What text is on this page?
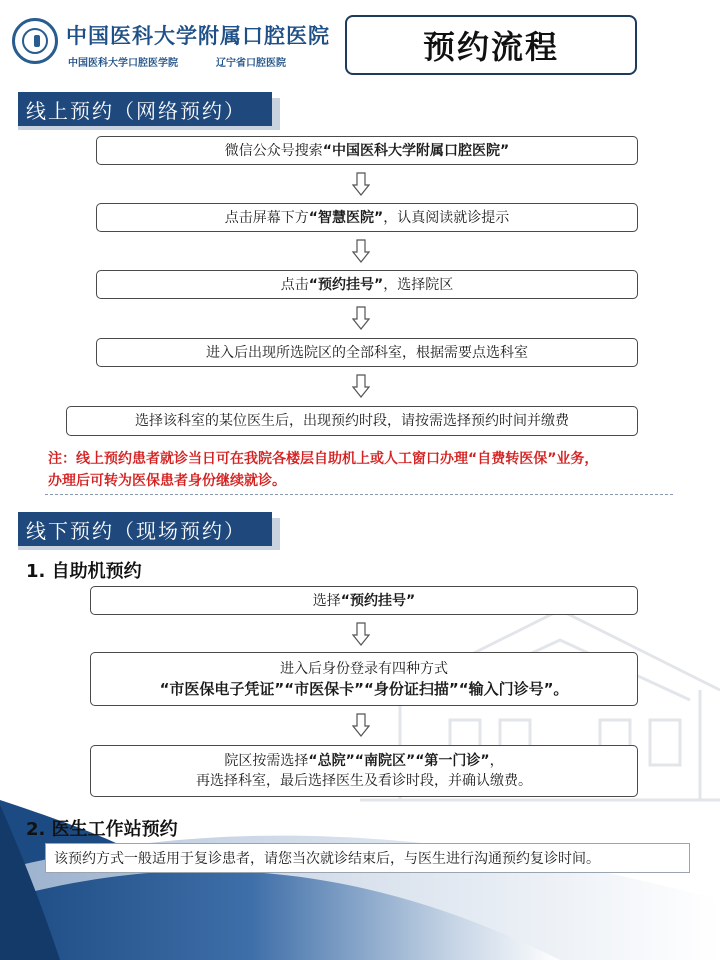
中国医科大学附属口腔医院
中国医科大学口腔医学院	辽宁省口腔医院	预约流程
线上预约（网络预约）
微信公众号搜索 “中国医科大学附属口腔医院”
点击屏幕下方 “智慧医院” ，认真阅读就诊提示
点击 “预约挂号” ，选择院区
进入后出现所选院区的全部科室，根据需要点选科室
选择该科室的某位医生后，出现预约时段，请按需选择预约时间并缴费
注：线上预约患者就诊当日可在我院各楼层自助机上或人工窗口办理“自费转医保”业务，
办理后可转为医保患者身份继续就诊。
线下预约（现场预约）
1. 自助机预约
选择 “预约挂号”
进入后身份登录有四种方式
“市医保电子凭证”“市医保卡”“身份证扫描”“输入门诊号”。
院区按需选择“总院”“南院区”“第一门诊”，
再选择科室，最后选择医生及看诊时段，并确认缴费。
2. 医生工作站预约
该预约方式一般适用于复诊患者，请您当次就诊结束后，与医生进行沟通预约复诊时间。
